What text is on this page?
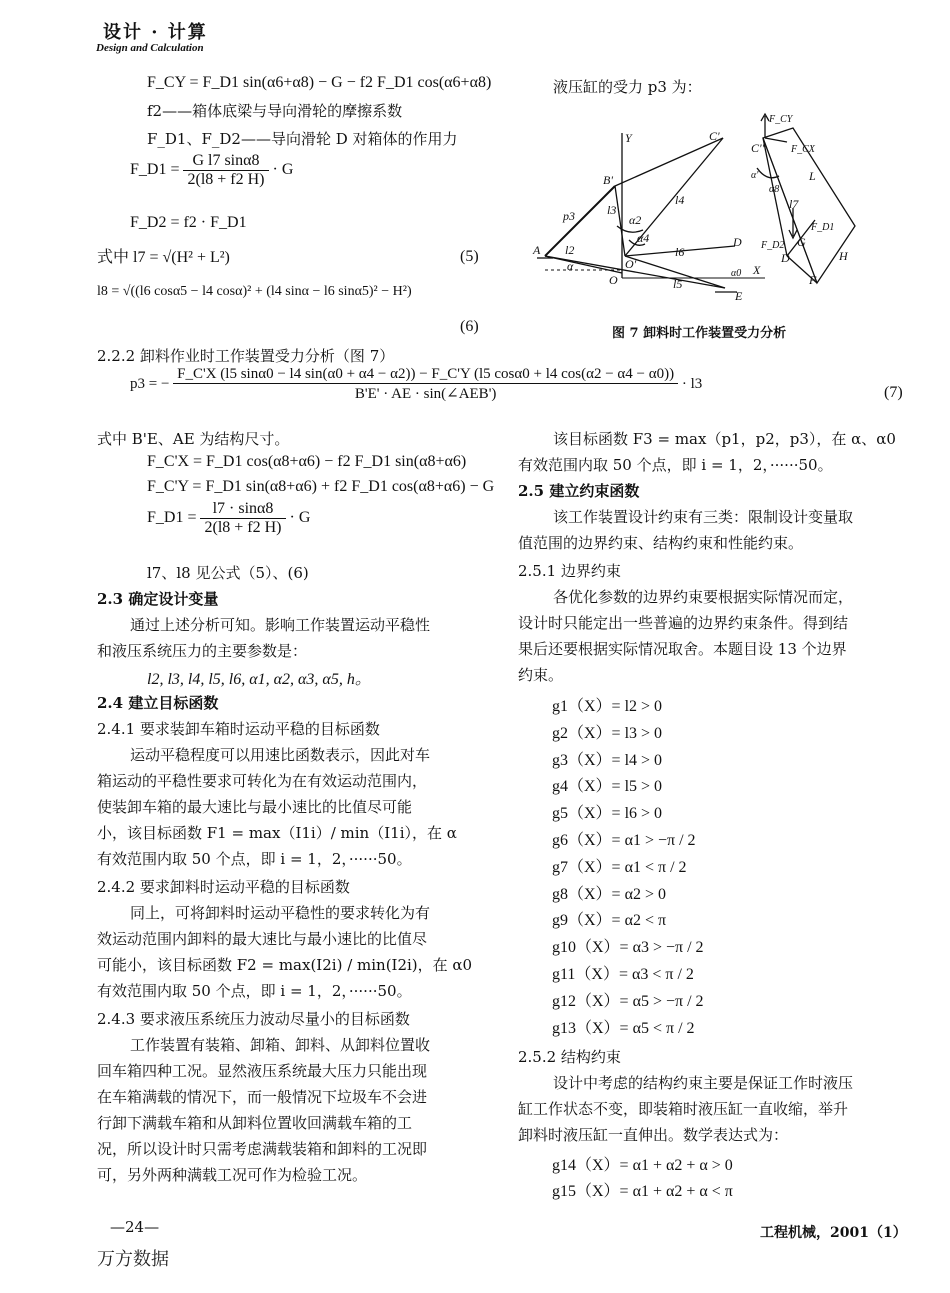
设计 · 计算
Design and Calculation
F_CY = F_D1 sin(α6+α8) − G − f2 F_D1 cos(α6+α8)
f2——箱体底梁与导向滑轮的摩擦系数
F_D1、F_D2——导向滑轮 D 对箱体的作用力
F_D1 = $\frac{\text{G l7 sinα8}}{2(l8 + f2 H)} \cdot G$
F_D2 = f2 · F_D1
式中 l7 = √(H² + L²)	(5)
l8 = √((l6 cosα5 − l4 cosα)² + (l4 sinα − l6 sinα5)² − H²)
(6)
2.2.2 卸料作业时工作装置受力分析（图 7）
p3 = −
F_C'X (l5 sinα0 − l4 sin(α0 + α4 − α2)) − F_C'Y (l5 cosα0 + l4 cos(α2 − α4 − α0))
B'E' · AE · sin(∠AEB')
· l3
(7)
式中 B'E、AE 为结构尺寸。
F_C'X = F_D1 cos(α8+α6) − f2 F_D1 sin(α8+α6)
F_C'Y = F_D1 sin(α8+α6) + f2 F_D1 cos(α8+α6) − G
F_D1 = $\frac{l7 \cdot \sin\alpha 8}{2(l8 + f2 H)} \cdot G$
l7、l8 见公式（5）、(6)
2.3 确定设计变量
通过上述分析可知。影响工作装置运动平稳性
和液压系统压力的主要参数是：
l2, l3, l4, l5, l6, α1, α2, α3, α5, h。
2.4 建立目标函数
2.4.1 要求装卸车箱时运动平稳的目标函数
运动平稳程度可以用速比函数表示，因此对车
箱运动的平稳性要求可转化为在有效运动范围内，
使装卸车箱的最大速比与最小速比的比值尽可能
小，该目标函数 F1 = max（I1i）/ min（I1i），在 α
有效范围内取 50 个点，即 i = 1，2，······50。
2.4.2 要求卸料时运动平稳的目标函数
同上，可将卸料时运动平稳性的要求转化为有
效运动范围内卸料的最大速比与最小速比的比值尽
可能小，该目标函数 F2 = max(I2i) / min(I2i)，在 α0
有效范围内取 50 个点，即 i = 1，2，······50。
2.4.3 要求液压系统压力波动尽量小的目标函数
工作装置有装箱、卸箱、卸料、从卸料位置收
回车箱四种工况。显然液压系统最大压力只能出现
在车箱满载的情况下，而一般情况下垃圾车不会进
行卸下满载车箱和从卸料位置收回满载车箱的工
况，所以设计时只需考虑满载装箱和卸料的工况即
可，另外两种满载工况可作为检验工况。
液压缸的受力 p3 为：
Y	C'
B'
p3	l3
α2
α4
l4
A l2
α
O
O'
l6
D
X
E
l5
F_CY
C''	F_CX
α'
α8
L
l7
F_D1
F_D2
D
G
F
H
α0
图 7 卸料时工作装置受力分析
该目标函数 F3 = max（p1，p2，p3），在 α、α0
有效范围内取 50 个点，即 i = 1，2，······50。
2.5 建立约束函数
该工作装置设计约束有三类：限制设计变量取
值范围的边界约束、结构约束和性能约束。
2.5.1 边界约束
各优化参数的边界约束要根据实际情况而定，
设计时只能定出一些普遍的边界约束条件。得到结
果后还要根据实际情况取舍。本题目设 13 个边界
约束。
g1（X）= l2 > 0
g2（X）= l3 > 0
g3（X）= l4 > 0
g4（X）= l5 > 0
g5（X）= l6 > 0
g6（X）= α1 > −π / 2
g7（X）= α1 < π / 2
g8（X）= α2 > 0
g9（X）= α2 < π
g10（X）= α3 > −π / 2
g11（X）= α3 < π / 2
g12（X）= α5 > −π / 2
g13（X）= α5 < π / 2
2.5.2 结构约束
设计中考虑的结构约束主要是保证工作时液压
缸工作状态不变，即装箱时液压缸一直收缩，举升
卸料时液压缸一直伸出。数学表达式为：
g14（X）= α1 + α2 + α > 0
g15（X）= α1 + α2 + α < π
—24—	工程机械，2001（1）
万方数据
